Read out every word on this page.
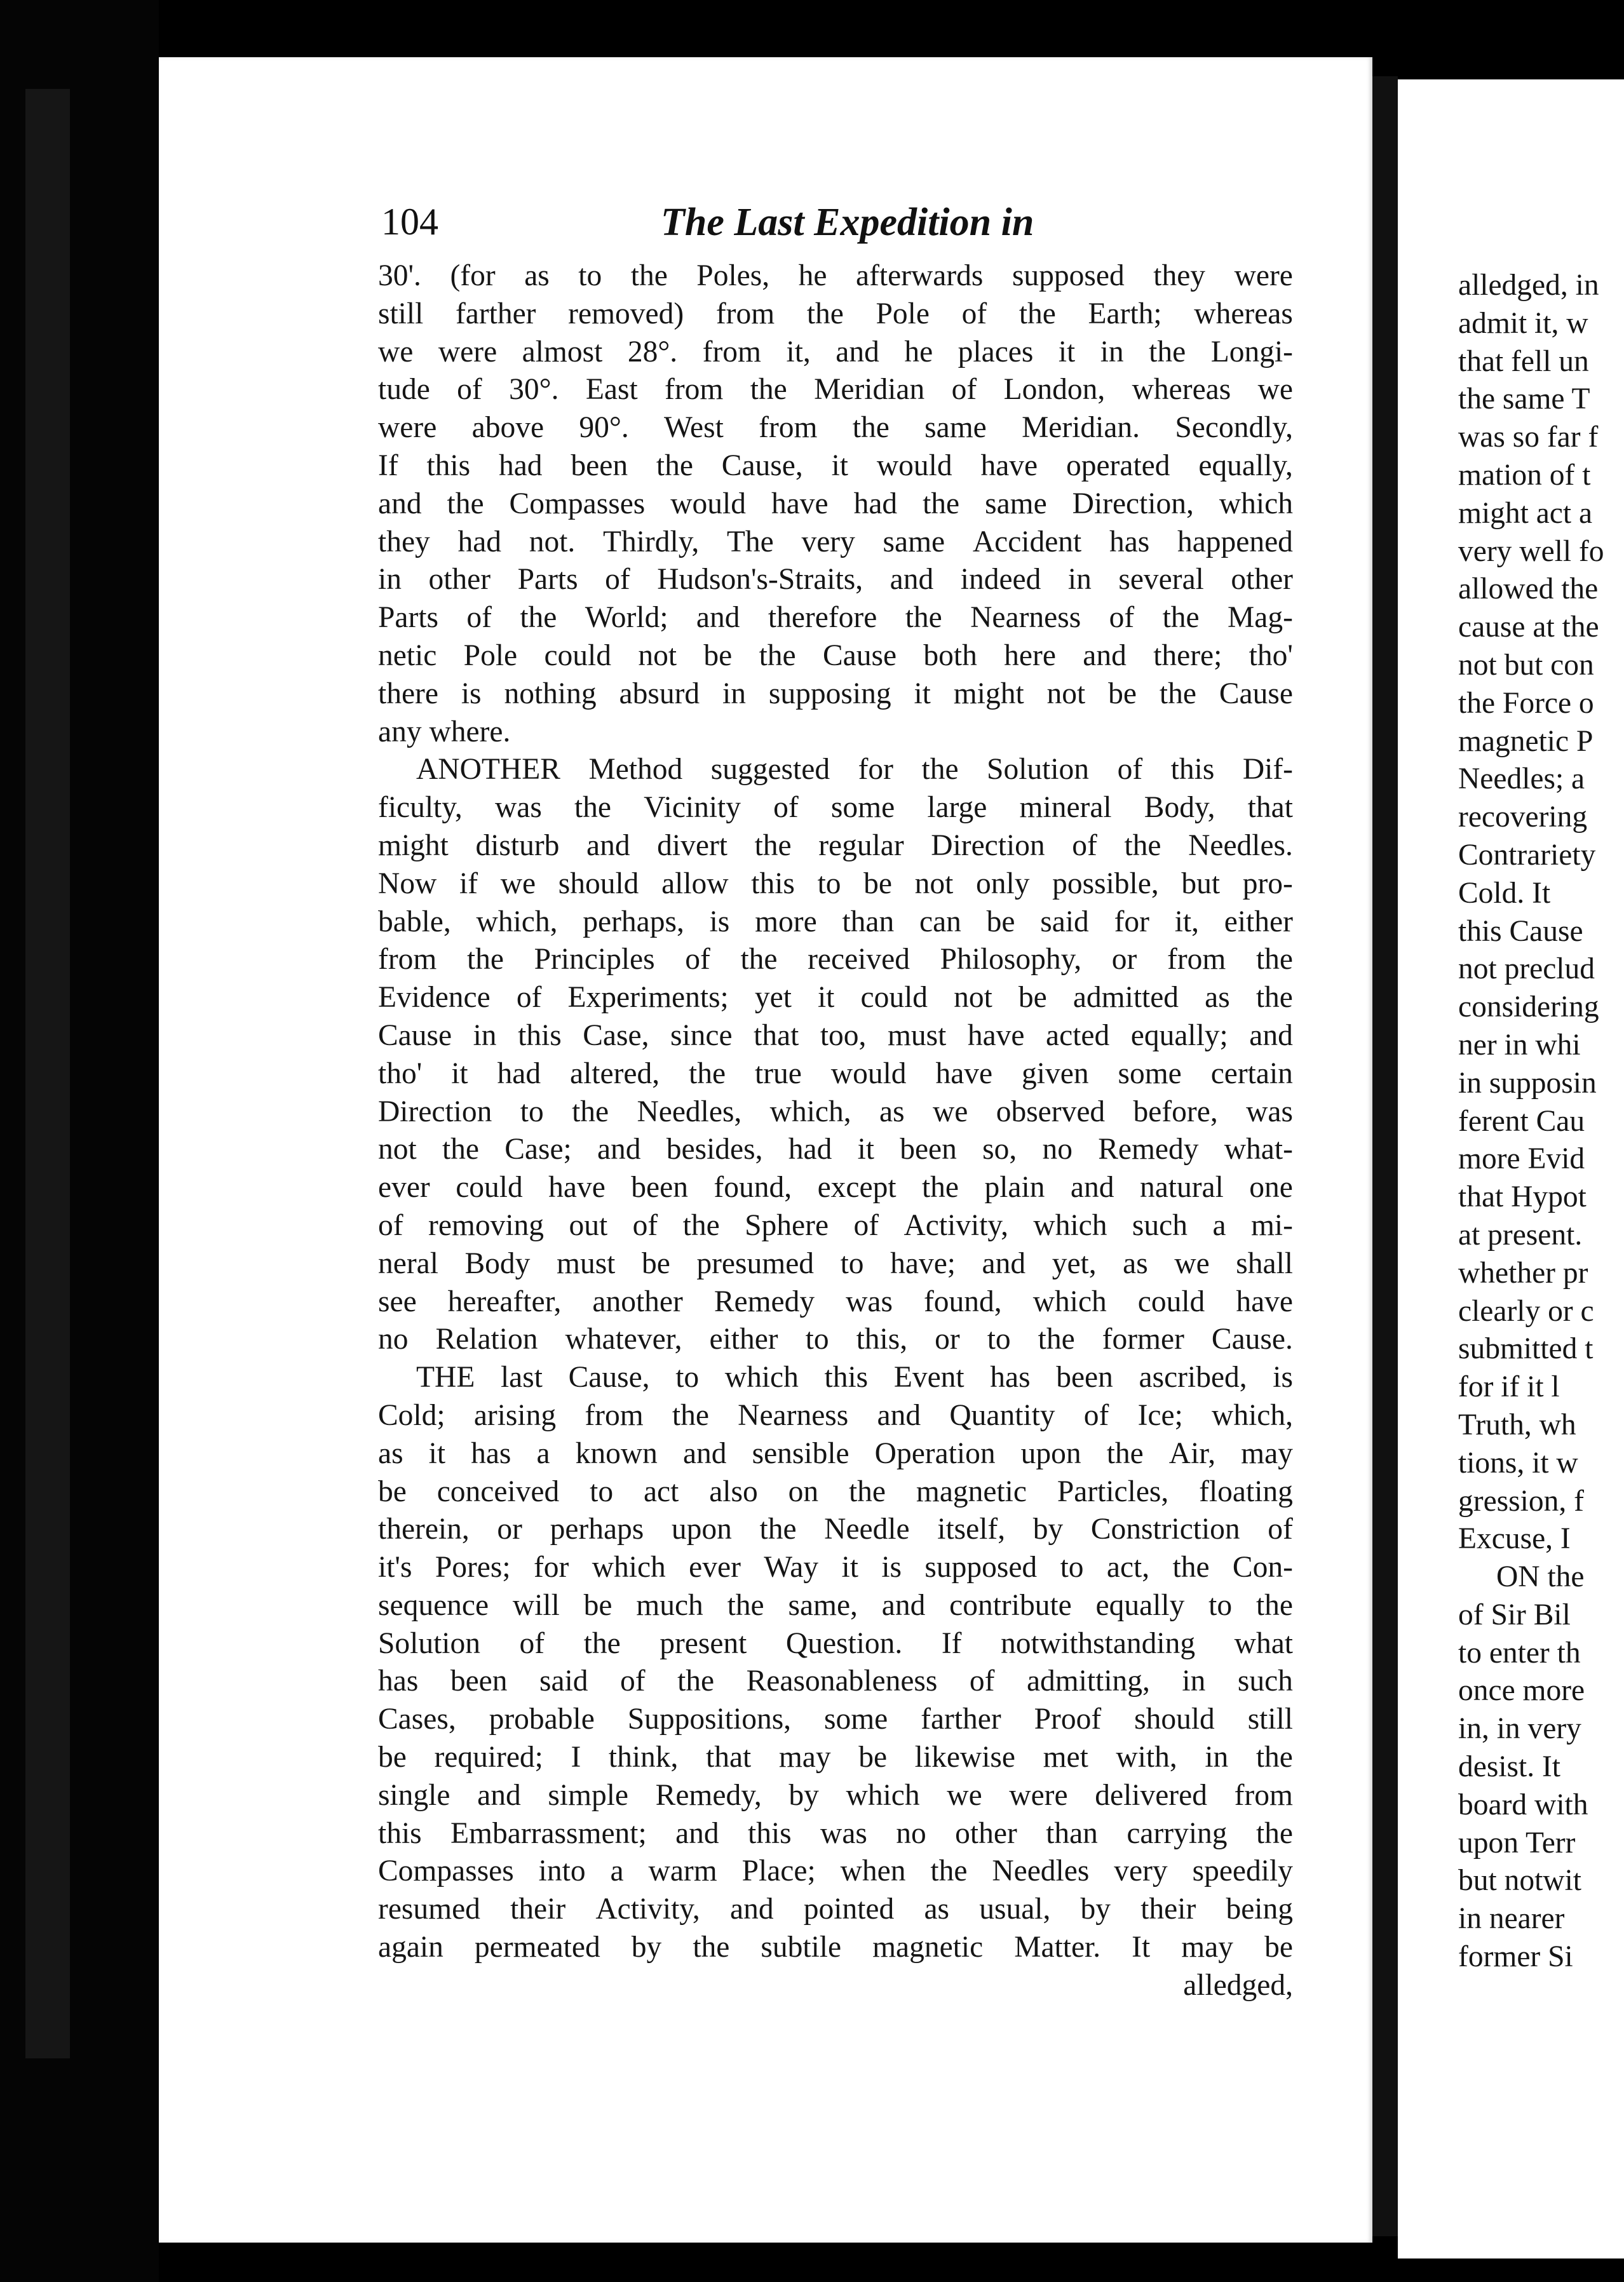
104	The Last Expedition in
30'. (for as to the Poles, he afterwards supposed they were
still farther removed) from the Pole of the Earth; whereas
we were almost 28°. from it, and he places it in the Longi-
tude of 30°. East from the Meridian of London, whereas we
were above 90°. West from the same Meridian. Secondly,
If this had been the Cause, it would have operated equally,
and the Compasses would have had the same Direction, which
they had not. Thirdly, The very same Accident has happened
in other Parts of Hudson's-Straits, and indeed in several other
Parts of the World; and therefore the Nearness of the Mag-
netic Pole could not be the Cause both here and there; tho'
there is nothing absurd in supposing it might not be the Cause
any where.
ANOTHER Method suggested for the Solution of this Dif-
ficulty, was the Vicinity of some large mineral Body, that
might disturb and divert the regular Direction of the Needles.
Now if we should allow this to be not only possible, but pro-
bable, which, perhaps, is more than can be said for it, either
from the Principles of the received Philosophy, or from the
Evidence of Experiments; yet it could not be admitted as the
Cause in this Case, since that too, must have acted equally; and
tho' it had altered, the true would have given some certain
Direction to the Needles, which, as we observed before, was
not the Case; and besides, had it been so, no Remedy what-
ever could have been found, except the plain and natural one
of removing out of the Sphere of Activity, which such a mi-
neral Body must be presumed to have; and yet, as we shall
see hereafter, another Remedy was found, which could have
no Relation whatever, either to this, or to the former Cause.
THE last Cause, to which this Event has been ascribed, is
Cold; arising from the Nearness and Quantity of Ice; which,
as it has a known and sensible Operation upon the Air, may
be conceived to act also on the magnetic Particles, floating
therein, or perhaps upon the Needle itself, by Constriction of
it's Pores; for which ever Way it is supposed to act, the Con-
sequence will be much the same, and contribute equally to the
Solution of the present Question. If notwithstanding what
has been said of the Reasonableness of admitting, in such
Cases, probable Suppositions, some farther Proof should still
be required; I think, that may be likewise met with, in the
single and simple Remedy, by which we were delivered from
this Embarrassment; and this was no other than carrying the
Compasses into a warm Place; when the Needles very speedily
resumed their Activity, and pointed as usual, by their being
again permeated by the subtile magnetic Matter. It may be
alledged,
alledged, in
admit it, w
that fell un
the same T
was so far f
mation of t
might act a
very well fo
allowed the
cause at the
not but con
the Force o
magnetic P
Needles; a
recovering
Contrariety
Cold. It
this Cause
not preclud
considering
ner in whi
in supposin
ferent Cau
more Evid
that Hypot
at present.
whether pr
clearly or c
submitted t
for if it l
Truth, wh
tions, it w
gression, f
Excuse, I
ON the
of Sir Bil
to enter th
once more
in, in very
desist. It
board with
upon Terr
but notwit
in nearer
former Si
